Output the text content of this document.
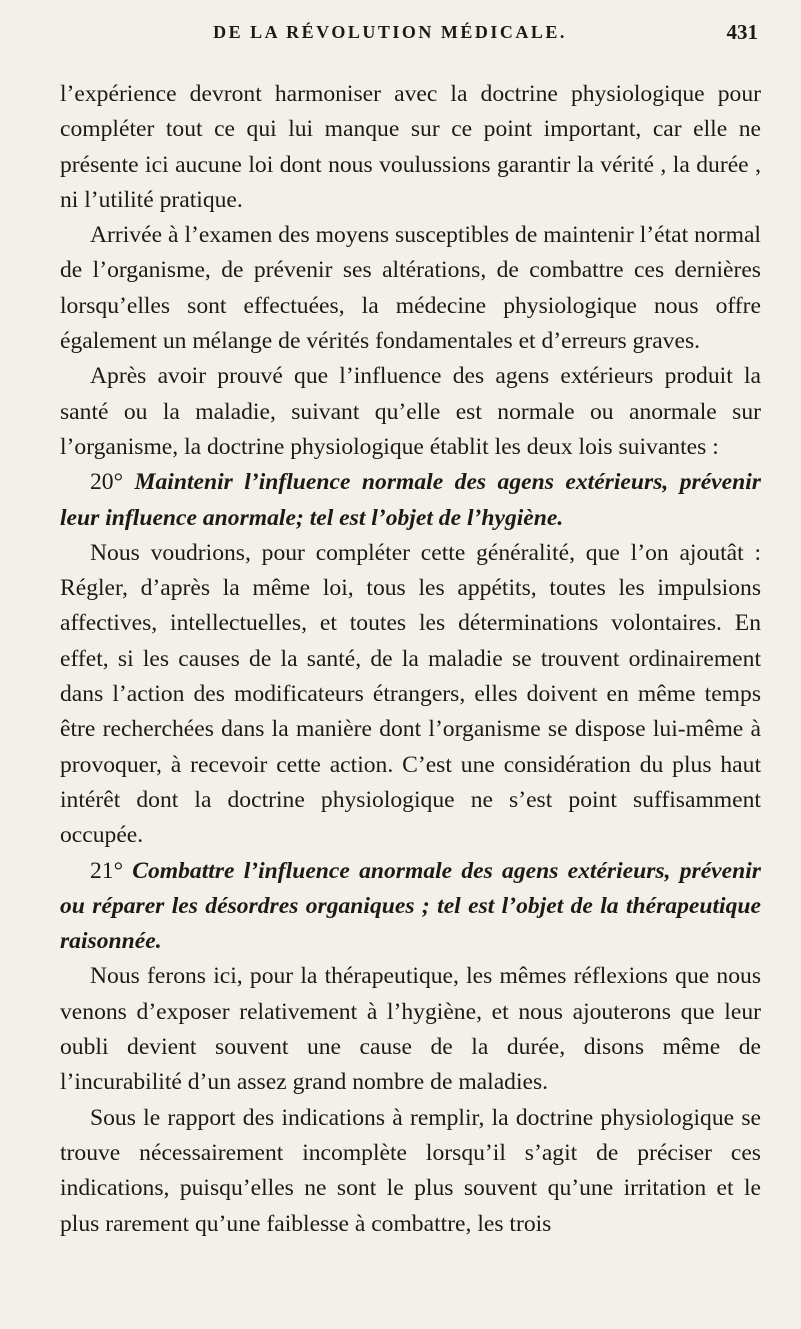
DE LA RÉVOLUTION MÉDICALE.	431

l’expérience devront harmoniser avec la doctrine physiologique pour compléter tout ce qui lui manque sur ce point important, car elle ne présente ici aucune loi dont nous voulussions garantir la vérité , la durée , ni l’utilité pratique.

Arrivée à l’examen des moyens susceptibles de maintenir l’état normal de l’organisme, de prévenir ses altérations, de combattre ces dernières lorsqu’elles sont effectuées, la médecine physiologique nous offre également un mélange de vérités fondamentales et d’erreurs graves.

Après avoir prouvé que l’influence des agens extérieurs produit la santé ou la maladie, suivant qu’elle est normale ou anormale sur l’organisme, la doctrine physiologique établit les deux lois suivantes :

20° Maintenir l’influence normale des agens extérieurs, prévenir leur influence anormale; tel est l’objet de l’hygiène.

Nous voudrions, pour compléter cette généralité, que l’on ajoutât : Régler, d’après la même loi, tous les appétits, toutes les impulsions affectives, intellectuelles, et toutes les déterminations volontaires. En effet, si les causes de la santé, de la maladie se trouvent ordinairement dans l’action des modificateurs étrangers, elles doivent en même temps être recherchées dans la manière dont l’organisme se dispose lui-même à provoquer, à recevoir cette action. C’est une considération du plus haut intérêt dont la doctrine physiologique ne s’est point suffisamment occupée.

21° Combattre l’influence anormale des agens extérieurs, prévenir ou réparer les désordres organiques ; tel est l’objet de la thérapeutique raisonnée.

Nous ferons ici, pour la thérapeutique, les mêmes réflexions que nous venons d’exposer relativement à l’hygiène, et nous ajouterons que leur oubli devient souvent une cause de la durée, disons même de l’incurabilité d’un assez grand nombre de maladies.

Sous le rapport des indications à remplir, la doctrine physiologique se trouve nécessairement incomplète lorsqu’il s’agit de préciser ces indications, puisqu’elles ne sont le plus souvent qu’une irritation et le plus rarement qu’une faiblesse à combattre, les trois
